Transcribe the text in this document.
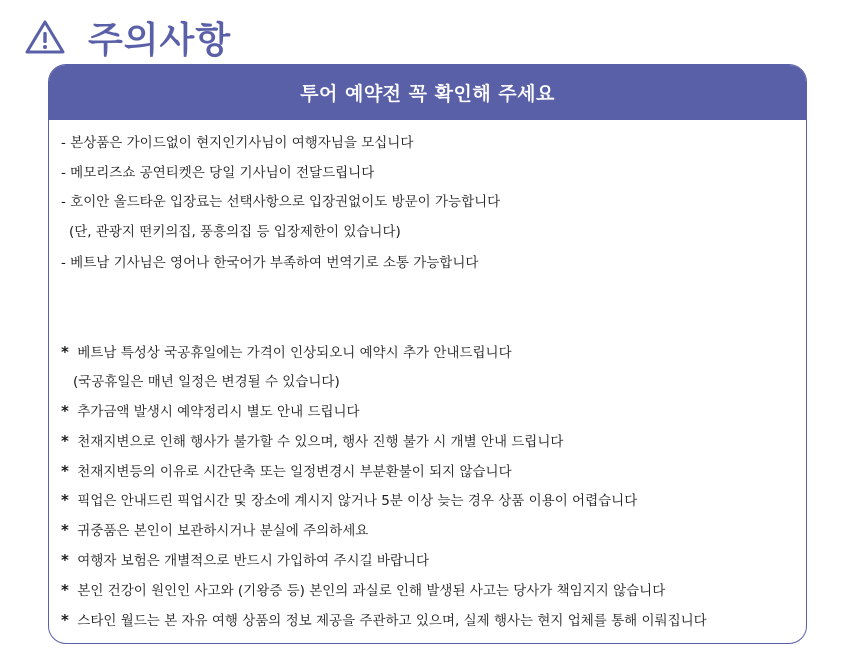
주의사항
투어 예약전 꼭 확인해 주세요
- 본상품은 가이드없이 현지인기사님이 여행자님을 모십니다
- 메모리즈쇼 공연티켓은 당일 기사님이 전달드립니다
- 호이안 올드타운 입장료는 선택사항으로 입장권없이도 방문이 가능합니다
(단, 관광지 떤키의집, 풍흥의집 등 입장제한이 있습니다)
- 베트남 기사님은 영어나 한국어가 부족하여 번역기로 소통 가능합니다
* 베트남 특성상 국공휴일에는 가격이 인상되오니 예약시 추가 안내드립니다
(국공휴일은 매년 일정은 변경될 수 있습니다)
* 추가금액 발생시 예약정리시 별도 안내 드립니다
* 천재지변으로 인해 행사가 불가할 수 있으며, 행사 진행 불가 시 개별 안내 드립니다
* 천재지변등의 이유로 시간단축 또는 일정변경시 부분환불이 되지 않습니다
* 픽업은 안내드린 픽업시간 및 장소에 계시지 않거나 5분 이상 늦는 경우 상품 이용이 어렵습니다
* 귀중품은 본인이 보관하시거나 분실에 주의하세요
* 여행자 보험은 개별적으로 반드시 가입하여 주시길 바랍니다
* 본인 건강이 원인인 사고와 (기왕증 등) 본인의 과실로 인해 발생된 사고는 당사가 책임지지 않습니다
* 스타인 월드는 본 자유 여행 상품의 정보 제공을 주관하고 있으며, 실제 행사는 현지 업체를 통해 이뤄집니다
